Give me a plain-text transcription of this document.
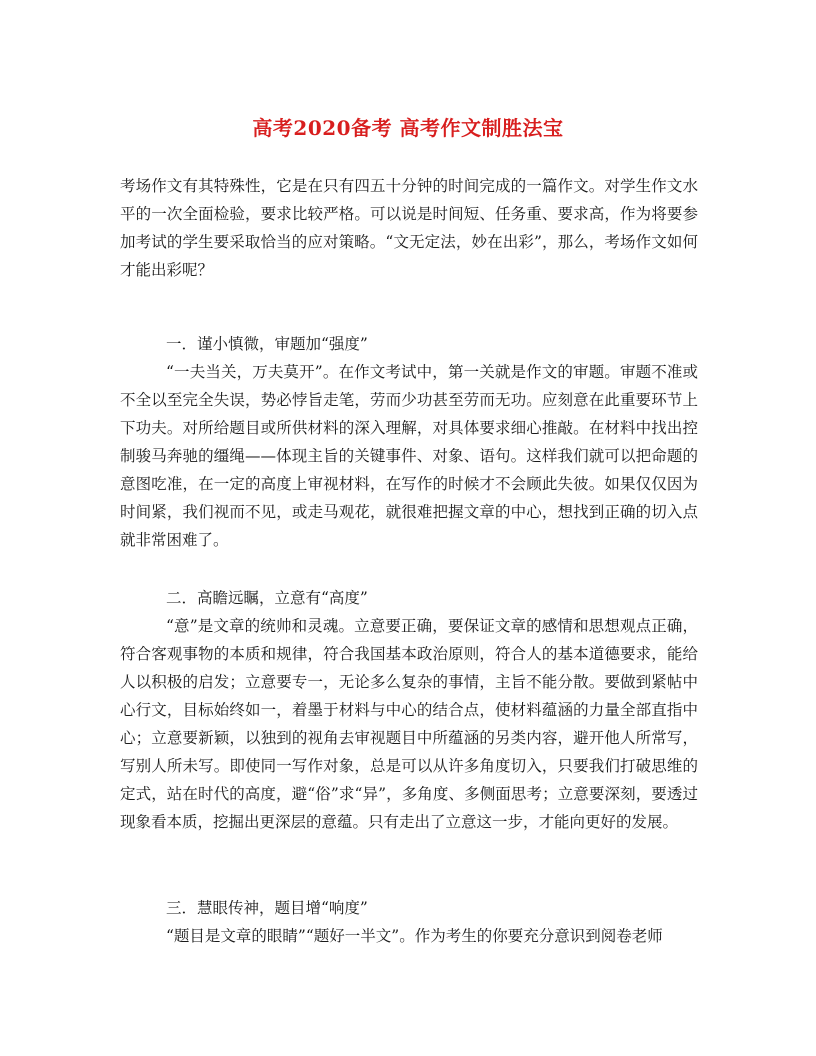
高考2020备考 高考作文制胜法宝

考场作文有其特殊性，它是在只有四五十分钟的时间完成的一篇作文。对学生作文水平的一次全面检验，要求比较严格。可以说是时间短、任务重、要求高，作为将要参加考试的学生要采取恰当的应对策略。“文无定法，妙在出彩”，那么，考场作文如何才能出彩呢？

一．谨小慎微，审题加“强度”

“一夫当关，万夫莫开”。在作文考试中，第一关就是作文的审题。审题不准或不全以至完全失误，势必悖旨走笔，劳而少功甚至劳而无功。应刻意在此重要环节上下功夫。对所给题目或所供材料的深入理解，对具体要求细心推敲。在材料中找出控制骏马奔驰的缰绳——体现主旨的关键事件、对象、语句。这样我们就可以把命题的意图吃准，在一定的高度上审视材料，在写作的时候才不会顾此失彼。如果仅仅因为时间紧，我们视而不见，或走马观花，就很难把握文章的中心，想找到正确的切入点就非常困难了。

二．高瞻远瞩，立意有“高度”

“意”是文章的统帅和灵魂。立意要正确，要保证文章的感情和思想观点正确，符合客观事物的本质和规律，符合我国基本政治原则，符合人的基本道德要求，能给人以积极的启发；立意要专一，无论多么复杂的事情，主旨不能分散。要做到紧帖中心行文，目标始终如一，着墨于材料与中心的结合点，使材料蕴涵的力量全部直指中心；立意要新颖，以独到的视角去审视题目中所蕴涵的另类内容，避开他人所常写，写别人所未写。即使同一写作对象，总是可以从许多角度切入，只要我们打破思维的定式，站在时代的高度，避“俗”求“异”，多角度、多侧面思考；立意要深刻，要透过现象看本质，挖掘出更深层的意蕴。只有走出了立意这一步，才能向更好的发展。

三．慧眼传神，题目增“响度”

“题目是文章的眼睛”“题好一半文”。作为考生的你要充分意识到阅卷老师
